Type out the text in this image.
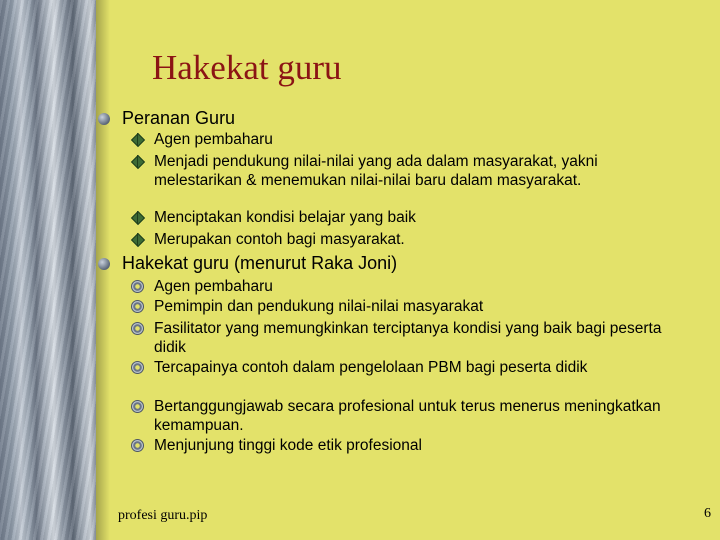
Hakekat guru
Peranan Guru
Agen pembaharu
Menjadi pendukung nilai-nilai yang ada dalam masyarakat, yakni melestarikan & menemukan nilai-nilai baru dalam masyarakat.
Menciptakan kondisi belajar yang baik
Merupakan contoh bagi masyarakat.
Hakekat guru (menurut Raka Joni)
Agen pembaharu
Pemimpin dan pendukung nilai-nilai masyarakat
Fasilitator yang memungkinkan terciptanya kondisi yang baik bagi peserta didik
Tercapainya contoh dalam pengelolaan PBM bagi peserta didik
Bertanggungjawab secara profesional untuk terus menerus meningkatkan kemampuan.
Menjunjung tinggi kode etik profesional
profesi guru.pip	6
